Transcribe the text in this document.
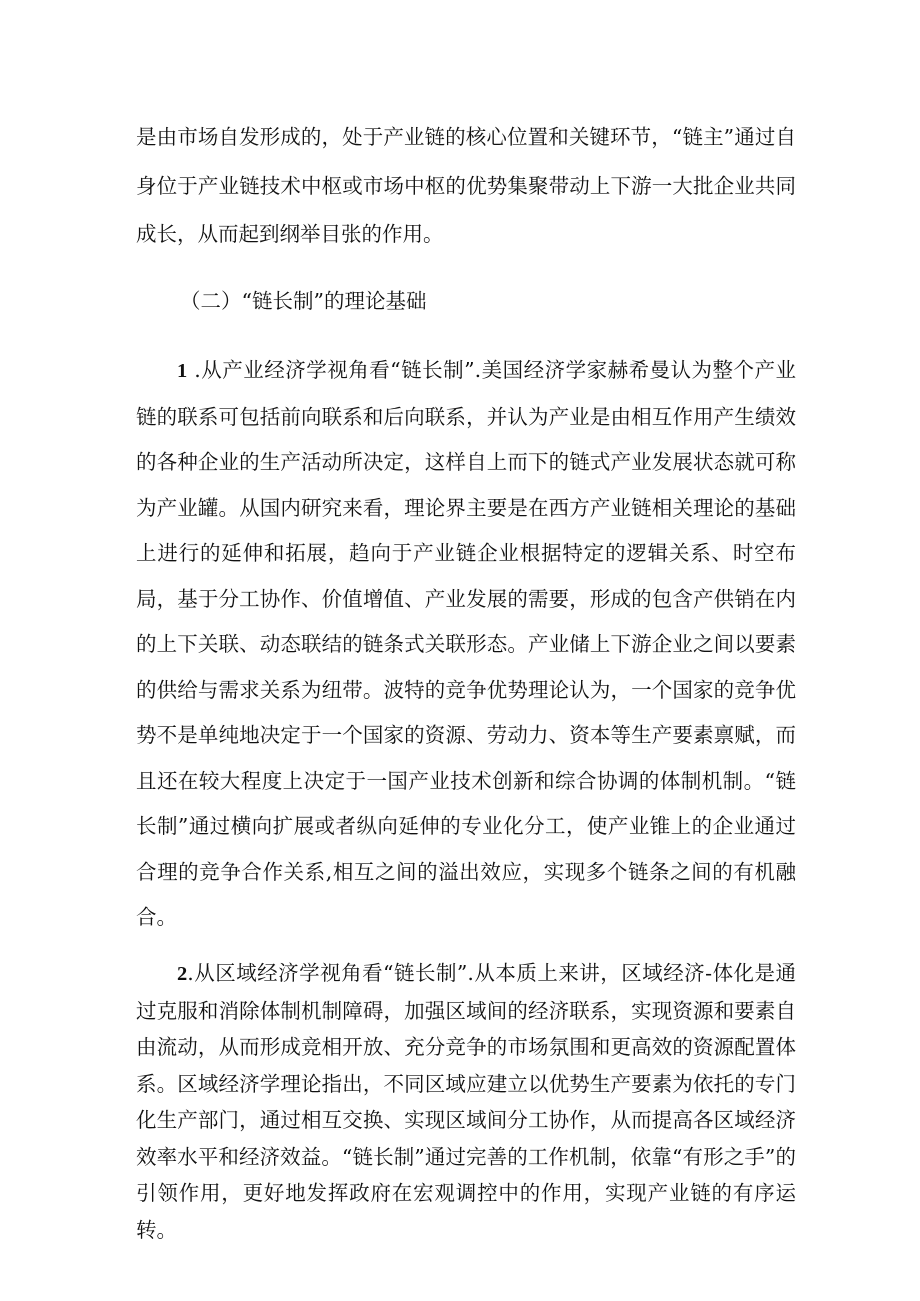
是由市场自发形成的，处于产业链的核心位置和关键环节，“链主”通过自身位于产业链技术中枢或市场中枢的优势集聚带动上下游一大批企业共同成长，从而起到纲举目张的作用。

（二）“链长制”的理论基础

1 .从产业经济学视角看“链长制”.美国经济学家赫希曼认为整个产业链的联系可包括前向联系和后向联系，并认为产业是由相互作用产生绩效的各种企业的生产活动所决定，这样自上而下的链式产业发展状态就可称为产业罐。从国内研究来看，理论界主要是在西方产业链相关理论的基础上进行的延伸和拓展，趋向于产业链企业根据特定的逻辑关系、时空布局，基于分工协作、价值增值、产业发展的需要，形成的包含产供销在内的上下关联、动态联结的链条式关联形态。产业储上下游企业之间以要素的供给与需求关系为纽带。波特的竞争优势理论认为，一个国家的竞争优势不是单纯地决定于一个国家的资源、劳动力、资本等生产要素禀赋，而且还在较大程度上决定于一国产业技术创新和综合协调的体制机制。“链长制”通过横向扩展或者纵向延伸的专业化分工，使产业锥上的企业通过合理的竞争合作关系,相互之间的溢出效应，实现多个链条之间的有机融合。

2.从区域经济学视角看“链长制”.从本质上来讲，区域经济-体化是通过克服和消除体制机制障碍，加强区域间的经济联系，实现资源和要素自由流动，从而形成竞相开放、充分竞争的市场氛围和更高效的资源配置体系。区域经济学理论指出，不同区域应建立以优势生产要素为依托的专门化生产部门，通过相互交换、实现区域间分工协作，从而提高各区域经济效率水平和经济效益。“链长制”通过完善的工作机制，依靠“有形之手”的引领作用，更好地发挥政府在宏观调控中的作用，实现产业链的有序运转。
